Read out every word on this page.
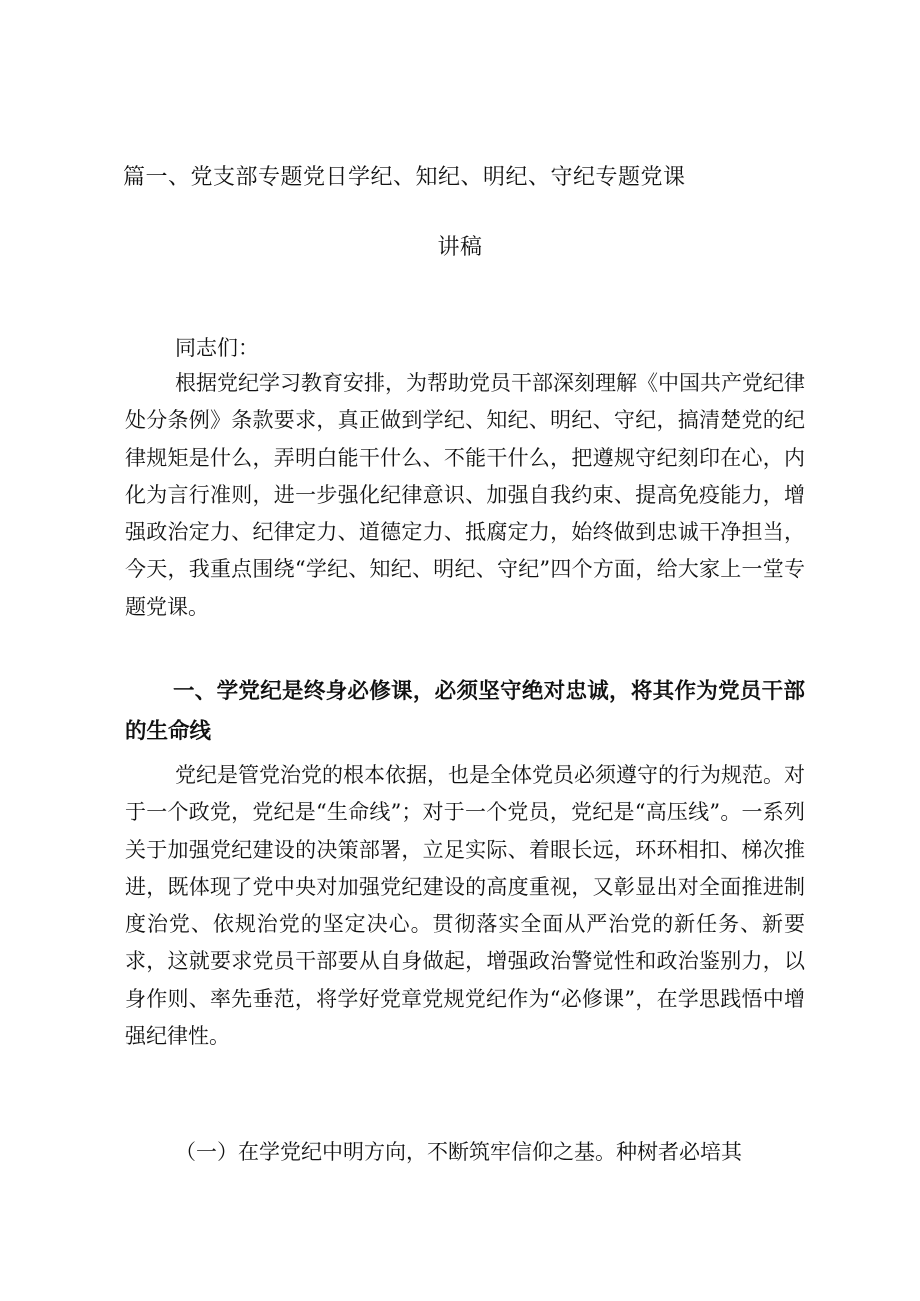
篇一、党支部专题党日学纪、知纪、明纪、守纪专题党课
讲稿

同志们：

根据党纪学习教育安排，为帮助党员干部深刻理解《中国共产党纪律处分条例》条款要求，真正做到学纪、知纪、明纪、守纪，搞清楚党的纪律规矩是什么，弄明白能干什么、不能干什么，把遵规守纪刻印在心，内化为言行准则，进一步强化纪律意识、加强自我约束、提高免疫能力，增强政治定力、纪律定力、道德定力、抵腐定力，始终做到忠诚干净担当，今天，我重点围绕“学纪、知纪、明纪、守纪”四个方面，给大家上一堂专题党课。

一、学党纪是终身必修课，必须坚守绝对忠诚，将其作为党员干部的生命线

党纪是管党治党的根本依据，也是全体党员必须遵守的行为规范。对于一个政党，党纪是“生命线”；对于一个党员，党纪是“高压线”。一系列关于加强党纪建设的决策部署，立足实际、着眼长远，环环相扣、梯次推进，既体现了党中央对加强党纪建设的高度重视，又彰显出对全面推进制度治党、依规治党的坚定决心。贯彻落实全面从严治党的新任务、新要求，这就要求党员干部要从自身做起，增强政治警觉性和政治鉴别力，以身作则、率先垂范，将学好党章党规党纪作为“必修课”，在学思践悟中增强纪律性。

（一）在学党纪中明方向，不断筑牢信仰之基。种树者必培其
